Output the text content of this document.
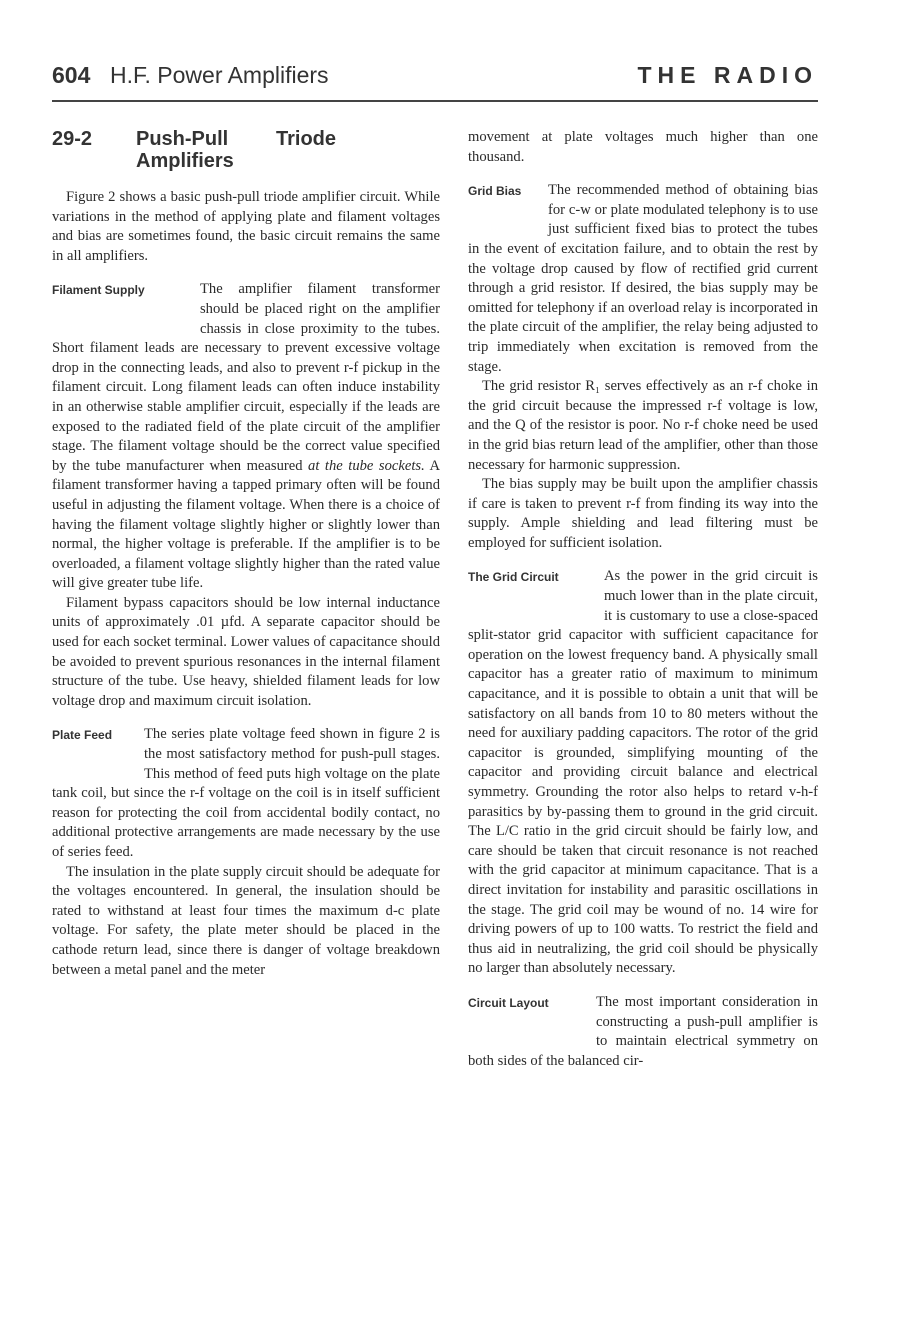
604 H.F. Power Amplifiers	THE RADIO
29-2	Push-Pull Triode Amplifiers

Figure 2 shows a basic push-pull triode amplifier circuit. While variations in the method of applying plate and filament voltages and bias are sometimes found, the basic circuit remains the same in all amplifiers.

Filament Supply	The amplifier filament transformer should be placed right on the amplifier chassis in close proximity to the tubes. Short filament leads are necessary to prevent excessive voltage drop in the connecting leads, and also to prevent r-f pickup in the filament circuit. Long filament leads can often induce instability in an otherwise stable amplifier circuit, especially if the leads are exposed to the radiated field of the plate circuit of the amplifier stage. The filament voltage should be the correct value specified by the tube manufacturer when measured at the tube sockets. A filament transformer having a tapped primary often will be found useful in adjusting the filament voltage. When there is a choice of having the filament voltage slightly higher or slightly lower than normal, the higher voltage is preferable. If the amplifier is to be overloaded, a filament voltage slightly higher than the rated value will give greater tube life.

Filament bypass capacitors should be low internal inductance units of approximately .01 µfd. A separate capacitor should be used for each socket terminal. Lower values of capacitance should be avoided to prevent spurious resonances in the internal filament structure of the tube. Use heavy, shielded filament leads for low voltage drop and maximum circuit isolation.

Plate Feed	The series plate voltage feed shown in figure 2 is the most satisfactory method for push-pull stages. This method of feed puts high voltage on the plate tank coil, but since the r-f voltage on the coil is in itself sufficient reason for protecting the coil from accidental bodily contact, no additional protective arrangements are made necessary by the use of series feed.

The insulation in the plate supply circuit should be adequate for the voltages encountered. In general, the insulation should be rated to withstand at least four times the maximum d-c plate voltage. For safety, the plate meter should be placed in the cathode return lead, since there is danger of voltage breakdown between a metal panel and the meter

movement at plate voltages much higher than one thousand.

Grid Bias	The recommended method of obtaining bias for c-w or plate modulated telephony is to use just sufficient fixed bias to protect the tubes in the event of excitation failure, and to obtain the rest by the voltage drop caused by flow of rectified grid current through a grid resistor. If desired, the bias supply may be omitted for telephony if an overload relay is incorporated in the plate circuit of the amplifier, the relay being adjusted to trip immediately when excitation is removed from the stage.

The grid resistor R₁ serves effectively as an r-f choke in the grid circuit because the impressed r-f voltage is low, and the Q of the resistor is poor. No r-f choke need be used in the grid bias return lead of the amplifier, other than those necessary for harmonic suppression.

The bias supply may be built upon the amplifier chassis if care is taken to prevent r-f from finding its way into the supply. Ample shielding and lead filtering must be employed for sufficient isolation.

The Grid Circuit	As the power in the grid circuit is much lower than in the plate circuit, it is customary to use a close-spaced split-stator grid capacitor with sufficient capacitance for operation on the lowest frequency band. A physically small capacitor has a greater ratio of maximum to minimum capacitance, and it is possible to obtain a unit that will be satisfactory on all bands from 10 to 80 meters without the need for auxiliary padding capacitors. The rotor of the grid capacitor is grounded, simplifying mounting of the capacitor and providing circuit balance and electrical symmetry. Grounding the rotor also helps to retard v-h-f parasitics by by-passing them to ground in the grid circuit. The L/C ratio in the grid circuit should be fairly low, and care should be taken that circuit resonance is not reached with the grid capacitor at minimum capacitance. That is a direct invitation for instability and parasitic oscillations in the stage. The grid coil may be wound of no. 14 wire for driving powers of up to 100 watts. To restrict the field and thus aid in neutralizing, the grid coil should be physically no larger than absolutely necessary.

Circuit Layout	The most important consideration in constructing a push-pull amplifier is to maintain electrical symmetry on both sides of the balanced cir-
